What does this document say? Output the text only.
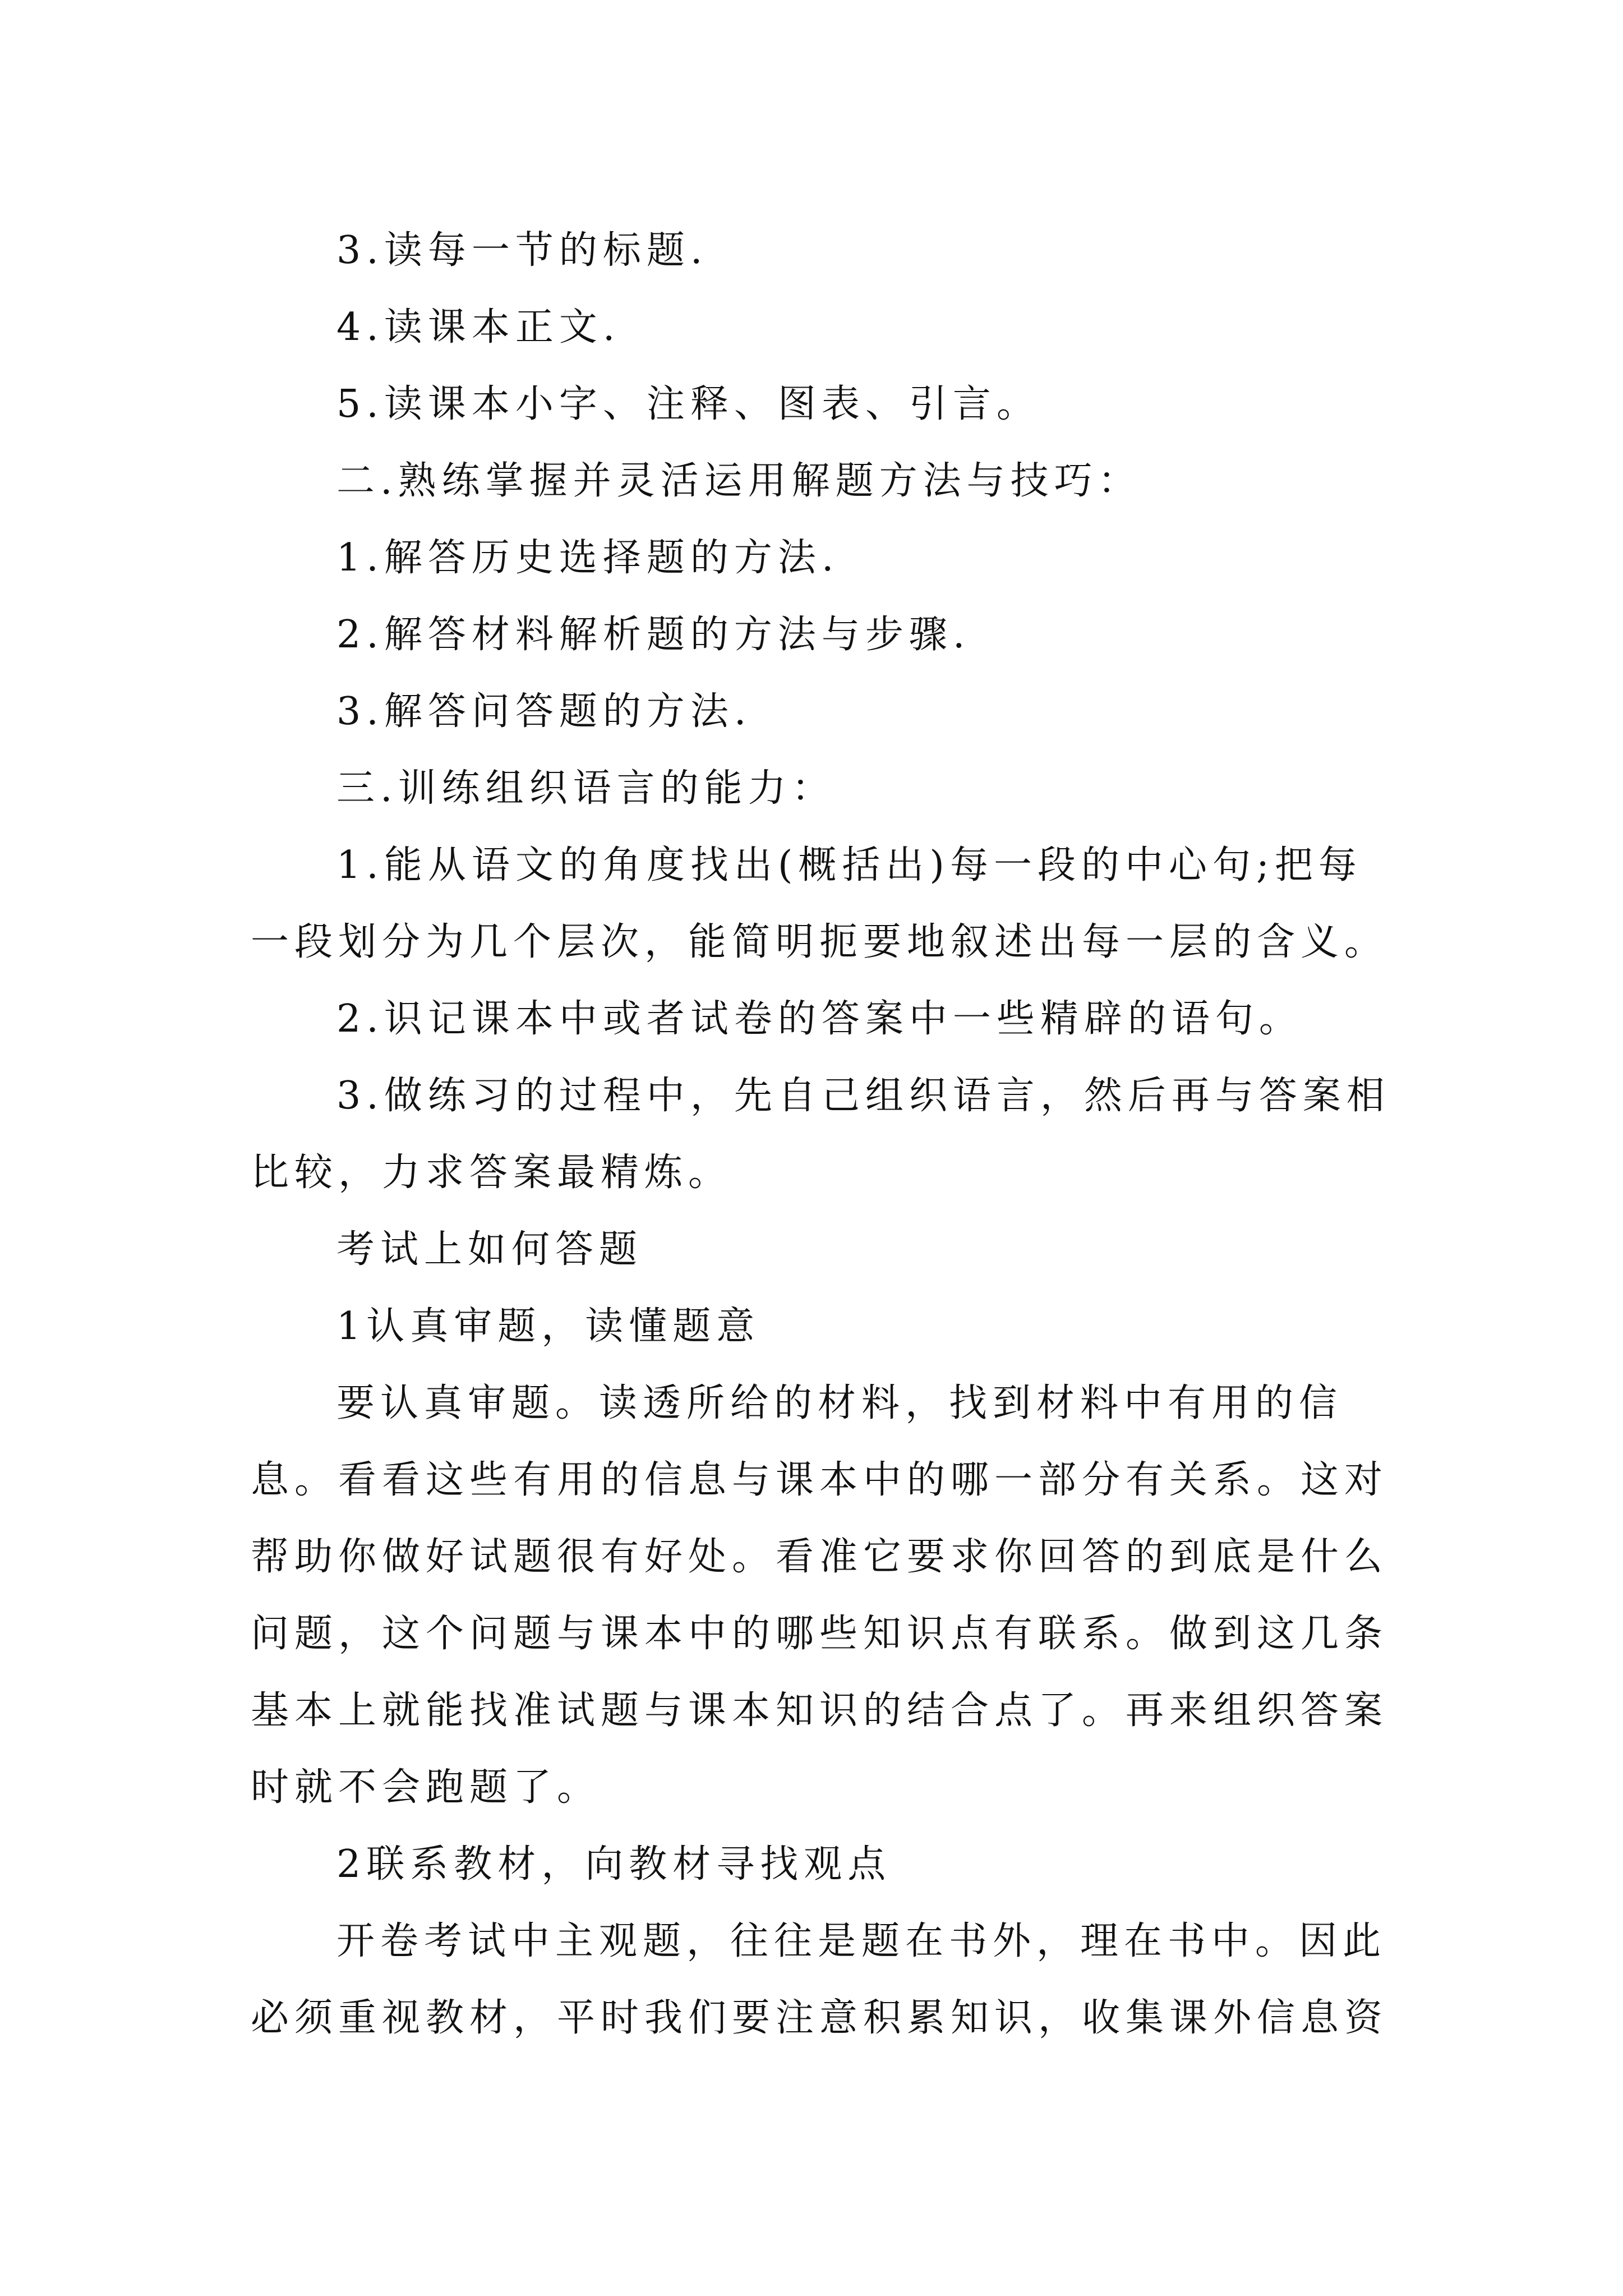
3.读每一节的标题.

4.读课本正文.

5.读课本小字、注释、图表、引言。

二.熟练掌握并灵活运用解题方法与技巧：

1.解答历史选择题的方法.

2.解答材料解析题的方法与步骤.

3.解答问答题的方法.

三.训练组织语言的能力：

1.能从语文的角度找出(概括出)每一段的中心句;把每一段划分为几个层次，能简明扼要地叙述出每一层的含义。

2.识记课本中或者试卷的答案中一些精辟的语句。

3.做练习的过程中，先自己组织语言，然后再与答案相比较，力求答案最精炼。

考试上如何答题

1认真审题，读懂题意

要认真审题。读透所给的材料，找到材料中有用的信息。看看这些有用的信息与课本中的哪一部分有关系。这对帮助你做好试题很有好处。看准它要求你回答的到底是什么问题，这个问题与课本中的哪些知识点有联系。做到这几条基本上就能找准试题与课本知识的结合点了。再来组织答案时就不会跑题了。

2联系教材，向教材寻找观点

开卷考试中主观题，往往是题在书外，理在书中。因此必须重视教材，平时我们要注意积累知识，收集课外信息资
